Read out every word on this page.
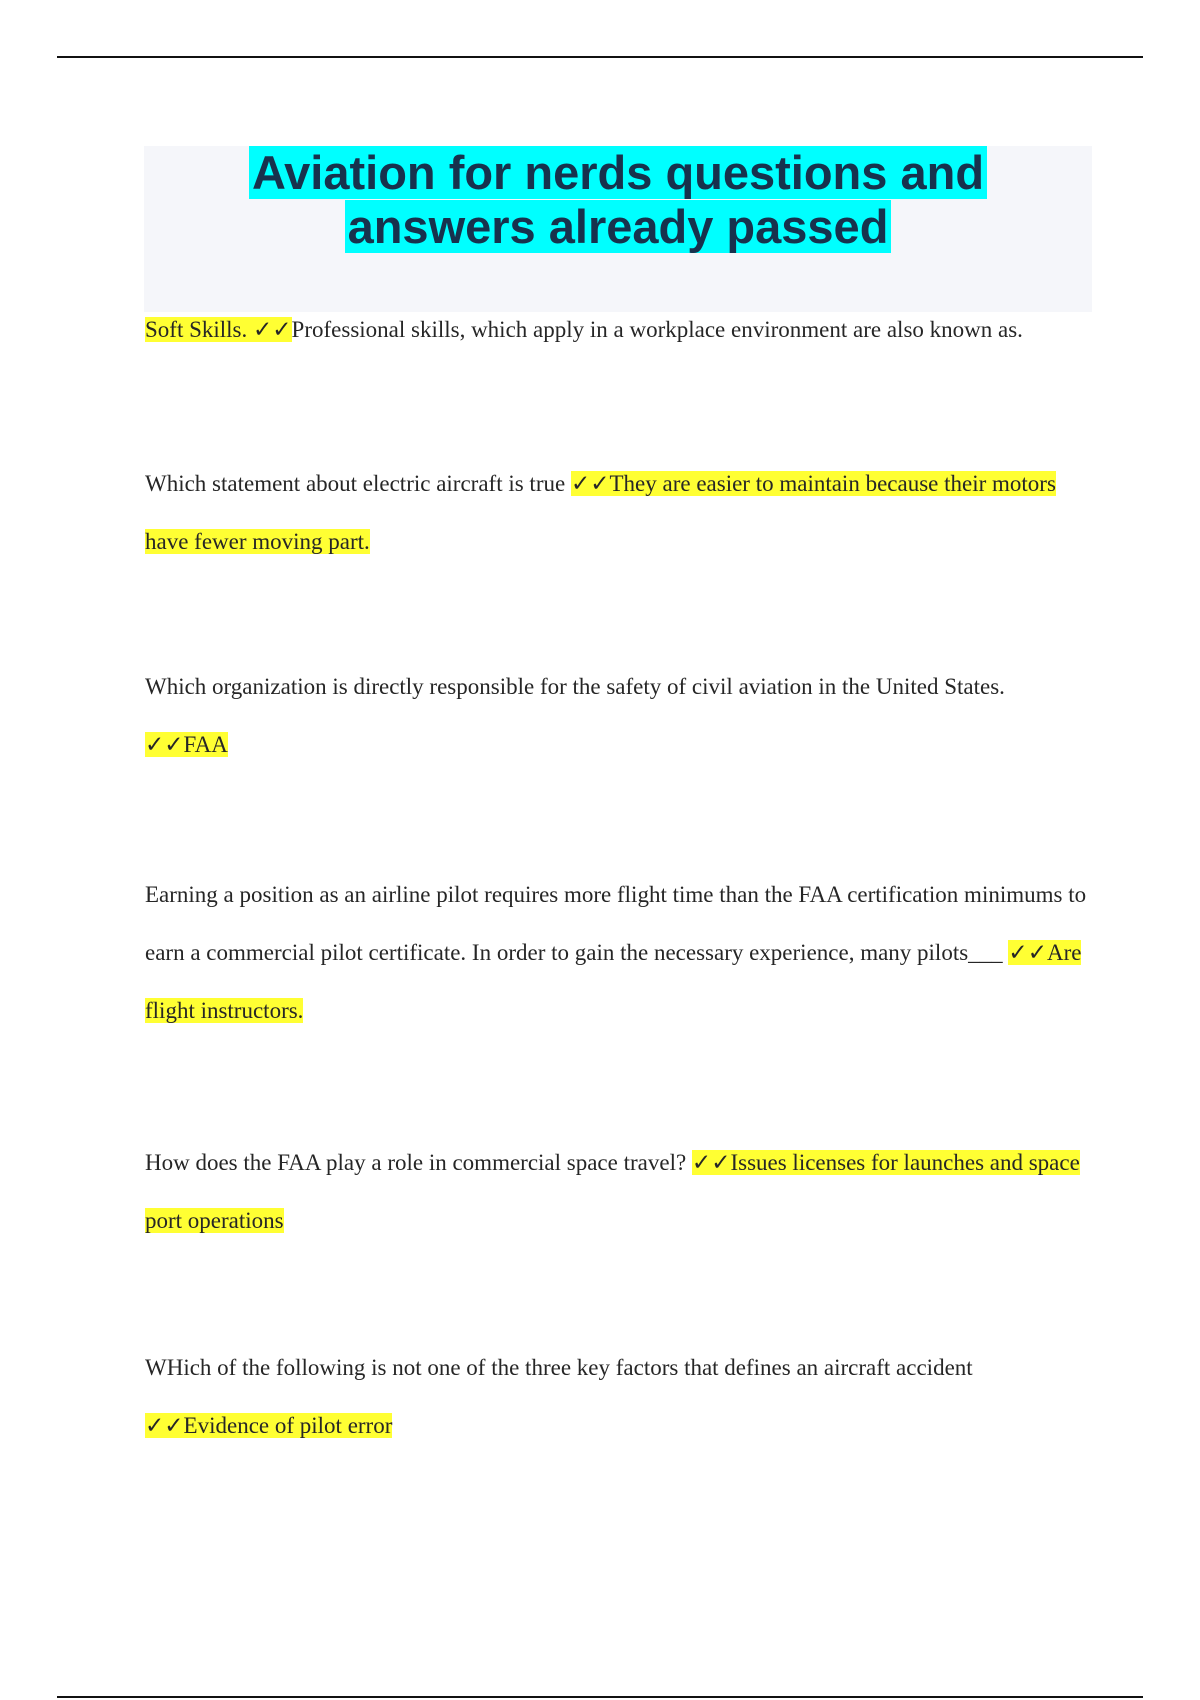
Aviation for nerds questions and
answers already passed

Soft Skills. ✓✓Professional skills, which apply in a workplace environment are also known as.

Which statement about electric aircraft is true ✓✓They are easier to maintain because their motors have fewer moving part.

Which organization is directly responsible for the safety of civil aviation in the United States.
✓✓FAA

Earning a position as an airline pilot requires more flight time than the FAA certification minimums to earn a commercial pilot certificate. In order to gain the necessary experience, many pilots___ ✓✓Are flight instructors.

How does the FAA play a role in commercial space travel? ✓✓Issues licenses for launches and space port operations

WHich of the following is not one of the three key factors that defines an aircraft accident
✓✓Evidence of pilot error
